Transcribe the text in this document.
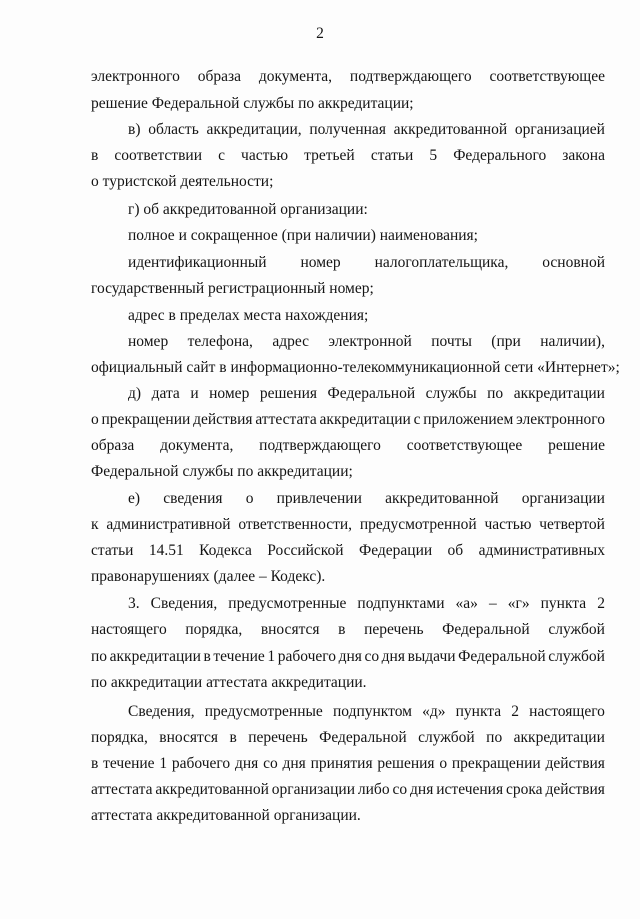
2
электронного образа документа, подтверждающего соответствующее
решение Федеральной службы по аккредитации;
в) область аккредитации, полученная аккредитованной организацией
в соответствии с частью третьей статьи 5 Федерального закона
о туристской деятельности;
г) об аккредитованной организации:
полное и сокращенное (при наличии) наименования;
идентификационный номер налогоплательщика, основной
государственный регистрационный номер;
адрес в пределах места нахождения;
номер телефона, адрес электронной почты (при наличии),
официальный сайт в информационно-телекоммуникационной сети «Интернет»;
д) дата и номер решения Федеральной службы по аккредитации
о прекращении действия аттестата аккредитации с приложением электронного
образа документа, подтверждающего соответствующее решение
Федеральной службы по аккредитации;
е) сведения о привлечении аккредитованной организации
к административной ответственности, предусмотренной частью четвертой
статьи 14.51 Кодекса Российской Федерации об административных
правонарушениях (далее – Кодекс).
3. Сведения, предусмотренные подпунктами «а» – «г» пункта 2
настоящего порядка, вносятся в перечень Федеральной службой
по аккредитации в течение 1 рабочего дня со дня выдачи Федеральной службой
по аккредитации аттестата аккредитации.
Сведения, предусмотренные подпунктом «д» пункта 2 настоящего
порядка, вносятся в перечень Федеральной службой по аккредитации
в течение 1 рабочего дня со дня принятия решения о прекращении действия
аттестата аккредитованной организации либо со дня истечения срока действия
аттестата аккредитованной организации.
